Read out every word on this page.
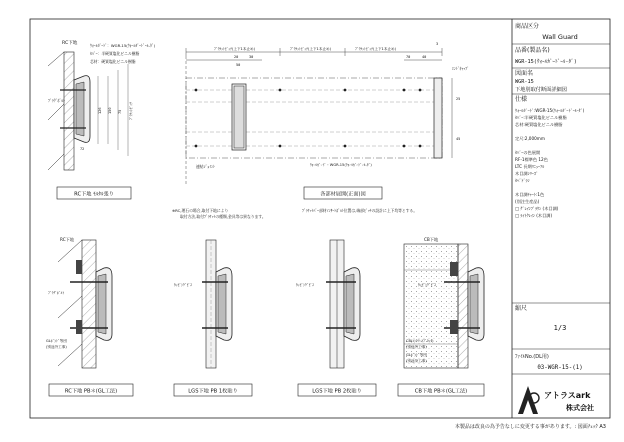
商品区分
Wall Guard
品番(製品名)
WGR-15(ｳｫｰﾙｶﾞｰﾄﾞｰﾙ-ﾀﾞ)
図面名
WGR-15
下地別取付断面詳細図
仕様
ｳｫｰﾙｶﾞｰﾄﾞ:WGR-15(ｳｫｰﾙｶﾞｰﾄﾞｰﾙ-ﾀﾞ)
ｶﾊﾞｰ:半硬質塩化ビニル樹脂
芯材:硬質塩化ビニル樹脂
定尺:2,000mm
ｶﾊﾞｰの色展開
RF-1標準色 12色
LTC 長期ﾘﾆｭｰｱﾙ
木目調ｼﾘｰｽﾞ
ｶﾍﾞﾄﾞﾗﾝ
木目調ﾁｬｰﾄ:1色
(別注生産品)
□ ｸﾞﾚｲﾝﾌﾞﾗｳﾝ (木目調)
□ ﾗｲﾄｸﾚｲﾝ (木目調)
縮尺
1/3
ﾌｧｲﾙNo.(DL用)
03-WGR-15-(1)
アトラスark
株式会社
本製品は改良の為予告なしに変更する事があります。: 図面ﾁｪｯｸ A3
RC下地	ｳｫｰﾙｶﾞｰﾄﾞ：WGR-15(ｳｫｰﾙｶﾞｰﾄﾞｰﾙ-ﾀﾞ)
ｶﾊﾞｰ：半硬質塩化ビニル樹脂
芯材：硬質塩化ビニル樹脂
ﾌﾟﾗｸﾞﾎﾞﾙﾄ
126 150 75 ﾌﾞﾗｹｯﾄﾋﾟｯﾁ
72
RC下地 ﾓﾙﾀﾙ張り
ﾌﾞﾗｹｯﾄﾋﾟｯﾁ(上下1本止め)	ﾌﾞﾗｹｯﾄﾋﾟｯﾁ(上下1本止め)	ﾌﾞﾗｹｯﾄﾋﾟｯﾁ(上下1本止め)
20	30
50
70	40
3
25
45
ｴﾝﾄﾞｷｬｯﾌﾟ
連結ｼﾞｮｲﾝﾄ	ｳｫｰﾙｶﾞｰﾄﾞ・WGR-15(ｳｫｰﾙｶﾞｰﾄﾞｰﾙ-ﾀﾞ)
各部材展開(正面)図
※RC,理石の場合,取付下地により
取付方法,取付ﾌﾞﾗｹｯﾄの種類,金具等は異なります。
ﾌﾞﾗｹｯﾄﾊﾞｰ部材ｲﾝｻｰﾄﾎﾞﾙﾄ位置は,端部ﾋﾟｯﾁの設計に上下均等とする。
RC下地
ﾌﾟﾗｸﾞﾎﾞﾙﾄ
GLﾎﾞﾝﾄﾞ等団
(別途外工事)
RC下地 PB＊(GL工法)
ﾀｯﾋﾟﾝｸﾞﾋﾞｽ
LGS下地 PB 1枚貼り
ﾀｯﾋﾟﾝｸﾞﾋﾞｽ
LGS下地 PB 2枚貼り
CB下地
CB(ｺﾝｸﾘｰﾄﾌﾞﾛｯｸ)
(別途外工事)
GLﾎﾞﾝﾄﾞ等団
(別途外工事)
ﾀｯﾋﾟﾝｸﾞﾋﾞｽ
CB下地 PB＊(GL工法)
